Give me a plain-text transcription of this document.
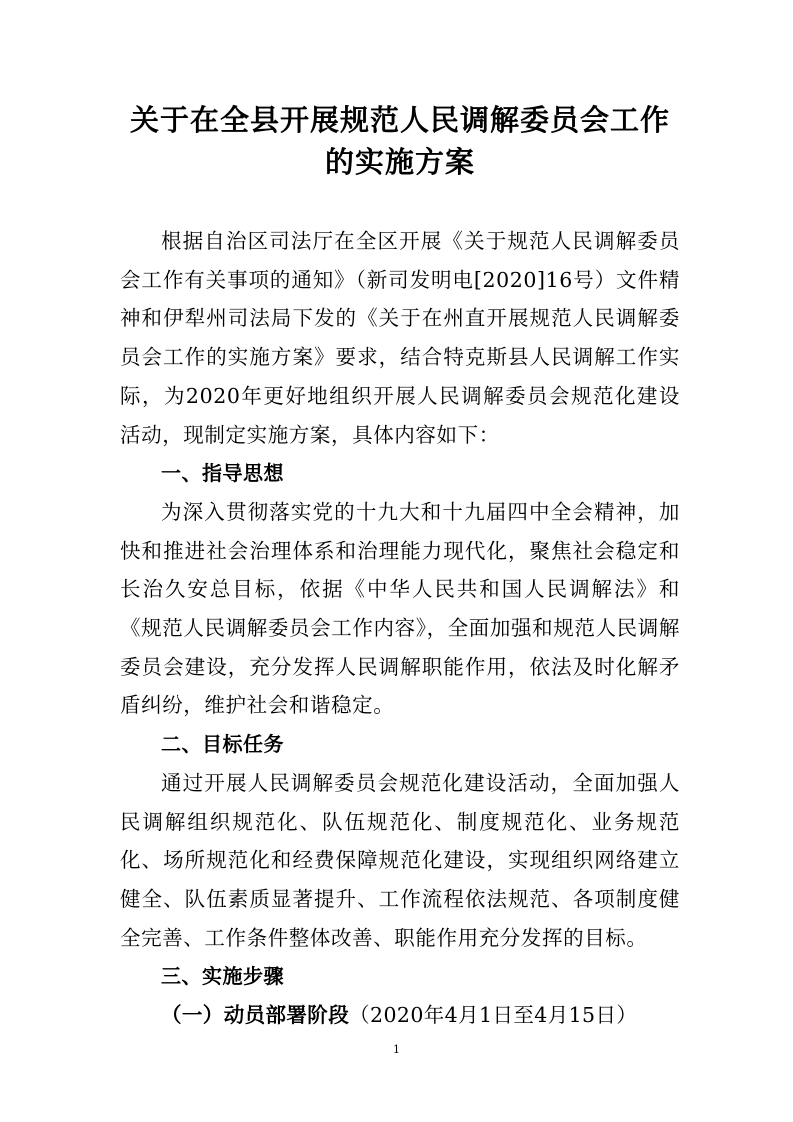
关于在全县开展规范人民调解委员会工作
的实施方案

根据自治区司法厅在全区开展《关于规范人民调解委员会工作有关事项的通知》（新司发明电[2020]16号）文件精神和伊犁州司法局下发的《关于在州直开展规范人民调解委员会工作的实施方案》要求，结合特克斯县人民调解工作实际，为2020年更好地组织开展人民调解委员会规范化建设活动，现制定实施方案，具体内容如下：

一、指导思想

为深入贯彻落实党的十九大和十九届四中全会精神，加快和推进社会治理体系和治理能力现代化，聚焦社会稳定和长治久安总目标，依据《中华人民共和国人民调解法》和《规范人民调解委员会工作内容》，全面加强和规范人民调解委员会建设，充分发挥人民调解职能作用，依法及时化解矛盾纠纷，维护社会和谐稳定。

二、目标任务

通过开展人民调解委员会规范化建设活动，全面加强人民调解组织规范化、队伍规范化、制度规范化、业务规范化、场所规范化和经费保障规范化建设，实现组织网络建立健全、队伍素质显著提升、工作流程依法规范、各项制度健全完善、工作条件整体改善、职能作用充分发挥的目标。

三、实施步骤

（一）动员部署阶段（2020年4月1日至4月15日）

1
